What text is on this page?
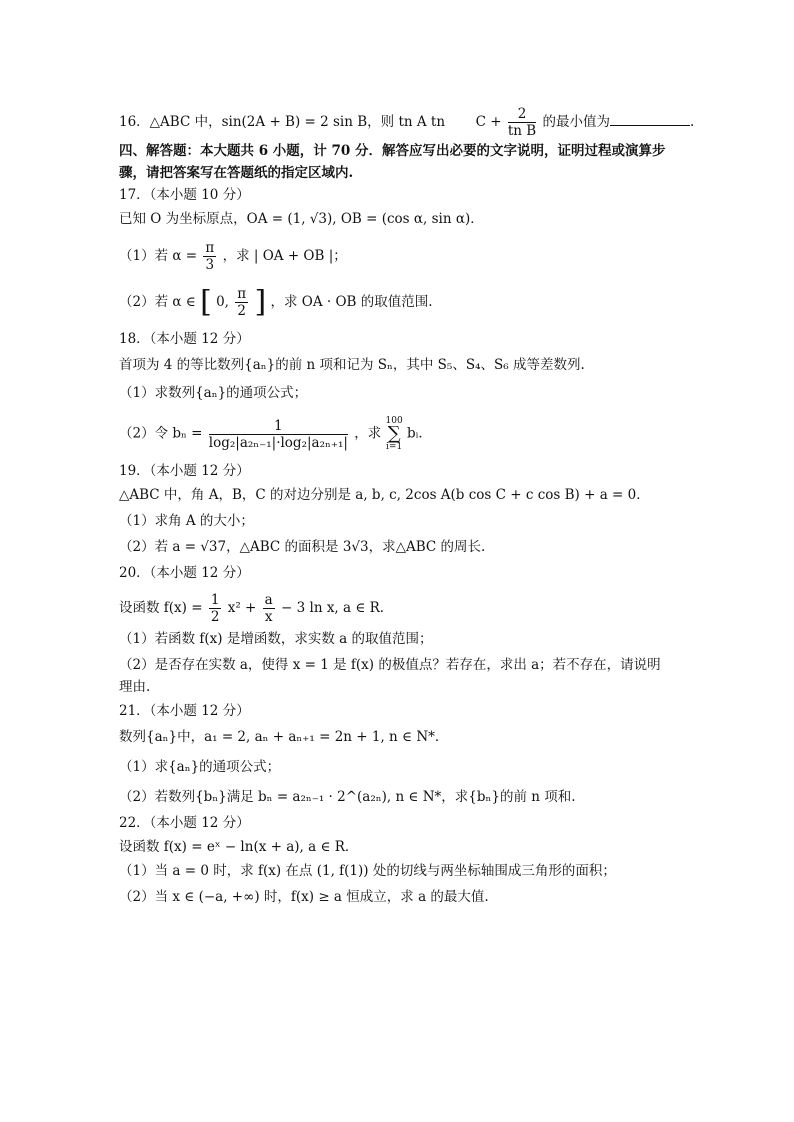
16．△ABC 中，sin(2A + B) = 2 sin B，则 tn A tn $C + \frac{2}{\text{tn B}}$ 的最小值为	.
四、解答题：本大题共 6 小题，计 70 分．解答应写出必要的文字说明，证明过程或演算步
骤，请把答案写在答题纸的指定区域内.
17．（本小题 10 分）
已知 O 为坐标原点，OA = (1, √3), OB = (cos α, sin α)．
（1）若 $\alpha = \frac{\pi}{3}$ ，求 | OA + OB |；
（2）若 α ∈ [ 0, $\frac{\pi}{2}$ ] ，求 OA · OB 的取值范围.
18．（本小题 12 分）
首项为 4 的等比数列{aₙ}的前 n 项和记为 Sₙ，其中 S₅、S₄、S₆ 成等差数列.
（1）求数列{aₙ}的通项公式；
（2）令 $b_n = \frac{1}{\text{log₂|a₂ₙ₋₁|·log₂|a₂ₙ₊₁|}}$ ，求
100
∑
i=1
bᵢ．
19．（本小题 12 分）
△ABC 中，角 A，B，C 的对边分别是 a, b, c, 2cos A(b cos C + c cos B) + a = 0．
（1）求角 A 的大小；
（2）若 a = √37，△ABC 的面积是 3√3，求△ABC 的周长.
20．（本小题 12 分）
设函数 $f(x) = \frac{1}{2} x^2 + \frac{a}{x} - 3$ ln x, a ∈ R．
（1）若函数 f(x) 是增函数，求实数 a 的取值范围；
（2）是否存在实数 a，使得 x = 1 是 f(x) 的极值点？若存在，求出 a；若不存在，请说明
理由.
21．（本小题 12 分）
数列{aₙ}中，a₁ = 2, aₙ + aₙ₊₁ = 2n + 1, n ∈ N*．
（1）求{aₙ}的通项公式；
（2）若数列{bₙ}满足 bₙ = a₂ₙ₋₁ · 2^(a₂ₙ), n ∈ N*，求{bₙ}的前 n 项和.
22．（本小题 12 分）
设函数 f(x) = eˣ − ln(x + a), a ∈ R．
（1）当 a = 0 时，求 f(x) 在点 (1, f(1)) 处的切线与两坐标轴围成三角形的面积；
（2）当 x ∈ (−a, +∞) 时，f(x) ≥ a 恒成立，求 a 的最大值.
